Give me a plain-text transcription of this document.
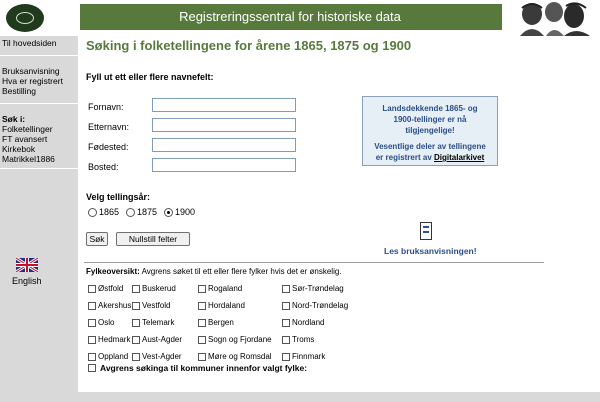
Registreringssentral for historiske data
Til hovedsiden
Bruksanvisning
Hva er registrert
Bestilling
Søk i:
Folketellinger
FT avansert
Kirkebok
Matrikkel1886
English
Søking i folketellingene for årene 1865, 1875 og 1900
Fyll ut ett eller flere navnefelt:
Fornavn:
Etternavn:
Fødested:
Bosted:
Landsdekkende 1865- og
1900-tellinger er nå
tilgjengelige!
Vesentlige deler av tellingene
er registrert av Digitalarkivet
Velg tellingsår:
1865 1875 1900
Søk	Nullstill felter
Les bruksanvisningen!
Fylkeoversikt: Avgrens søket til ett eller flere fylker hvis det er ønskelig.
Østfold Buskerud	Rogaland	Sør-Trøndelag
Akershus Vestfold	Hordaland	Nord-Trøndelag
Oslo	Telemark	Bergen	Nordland
Hedmark Aust-Agder	Sogn og Fjordane	Troms
Oppland Vest-Agder	Møre og Romsdal	Finnmark
Avgrens søkinga til kommuner innenfor valgt fylke:
